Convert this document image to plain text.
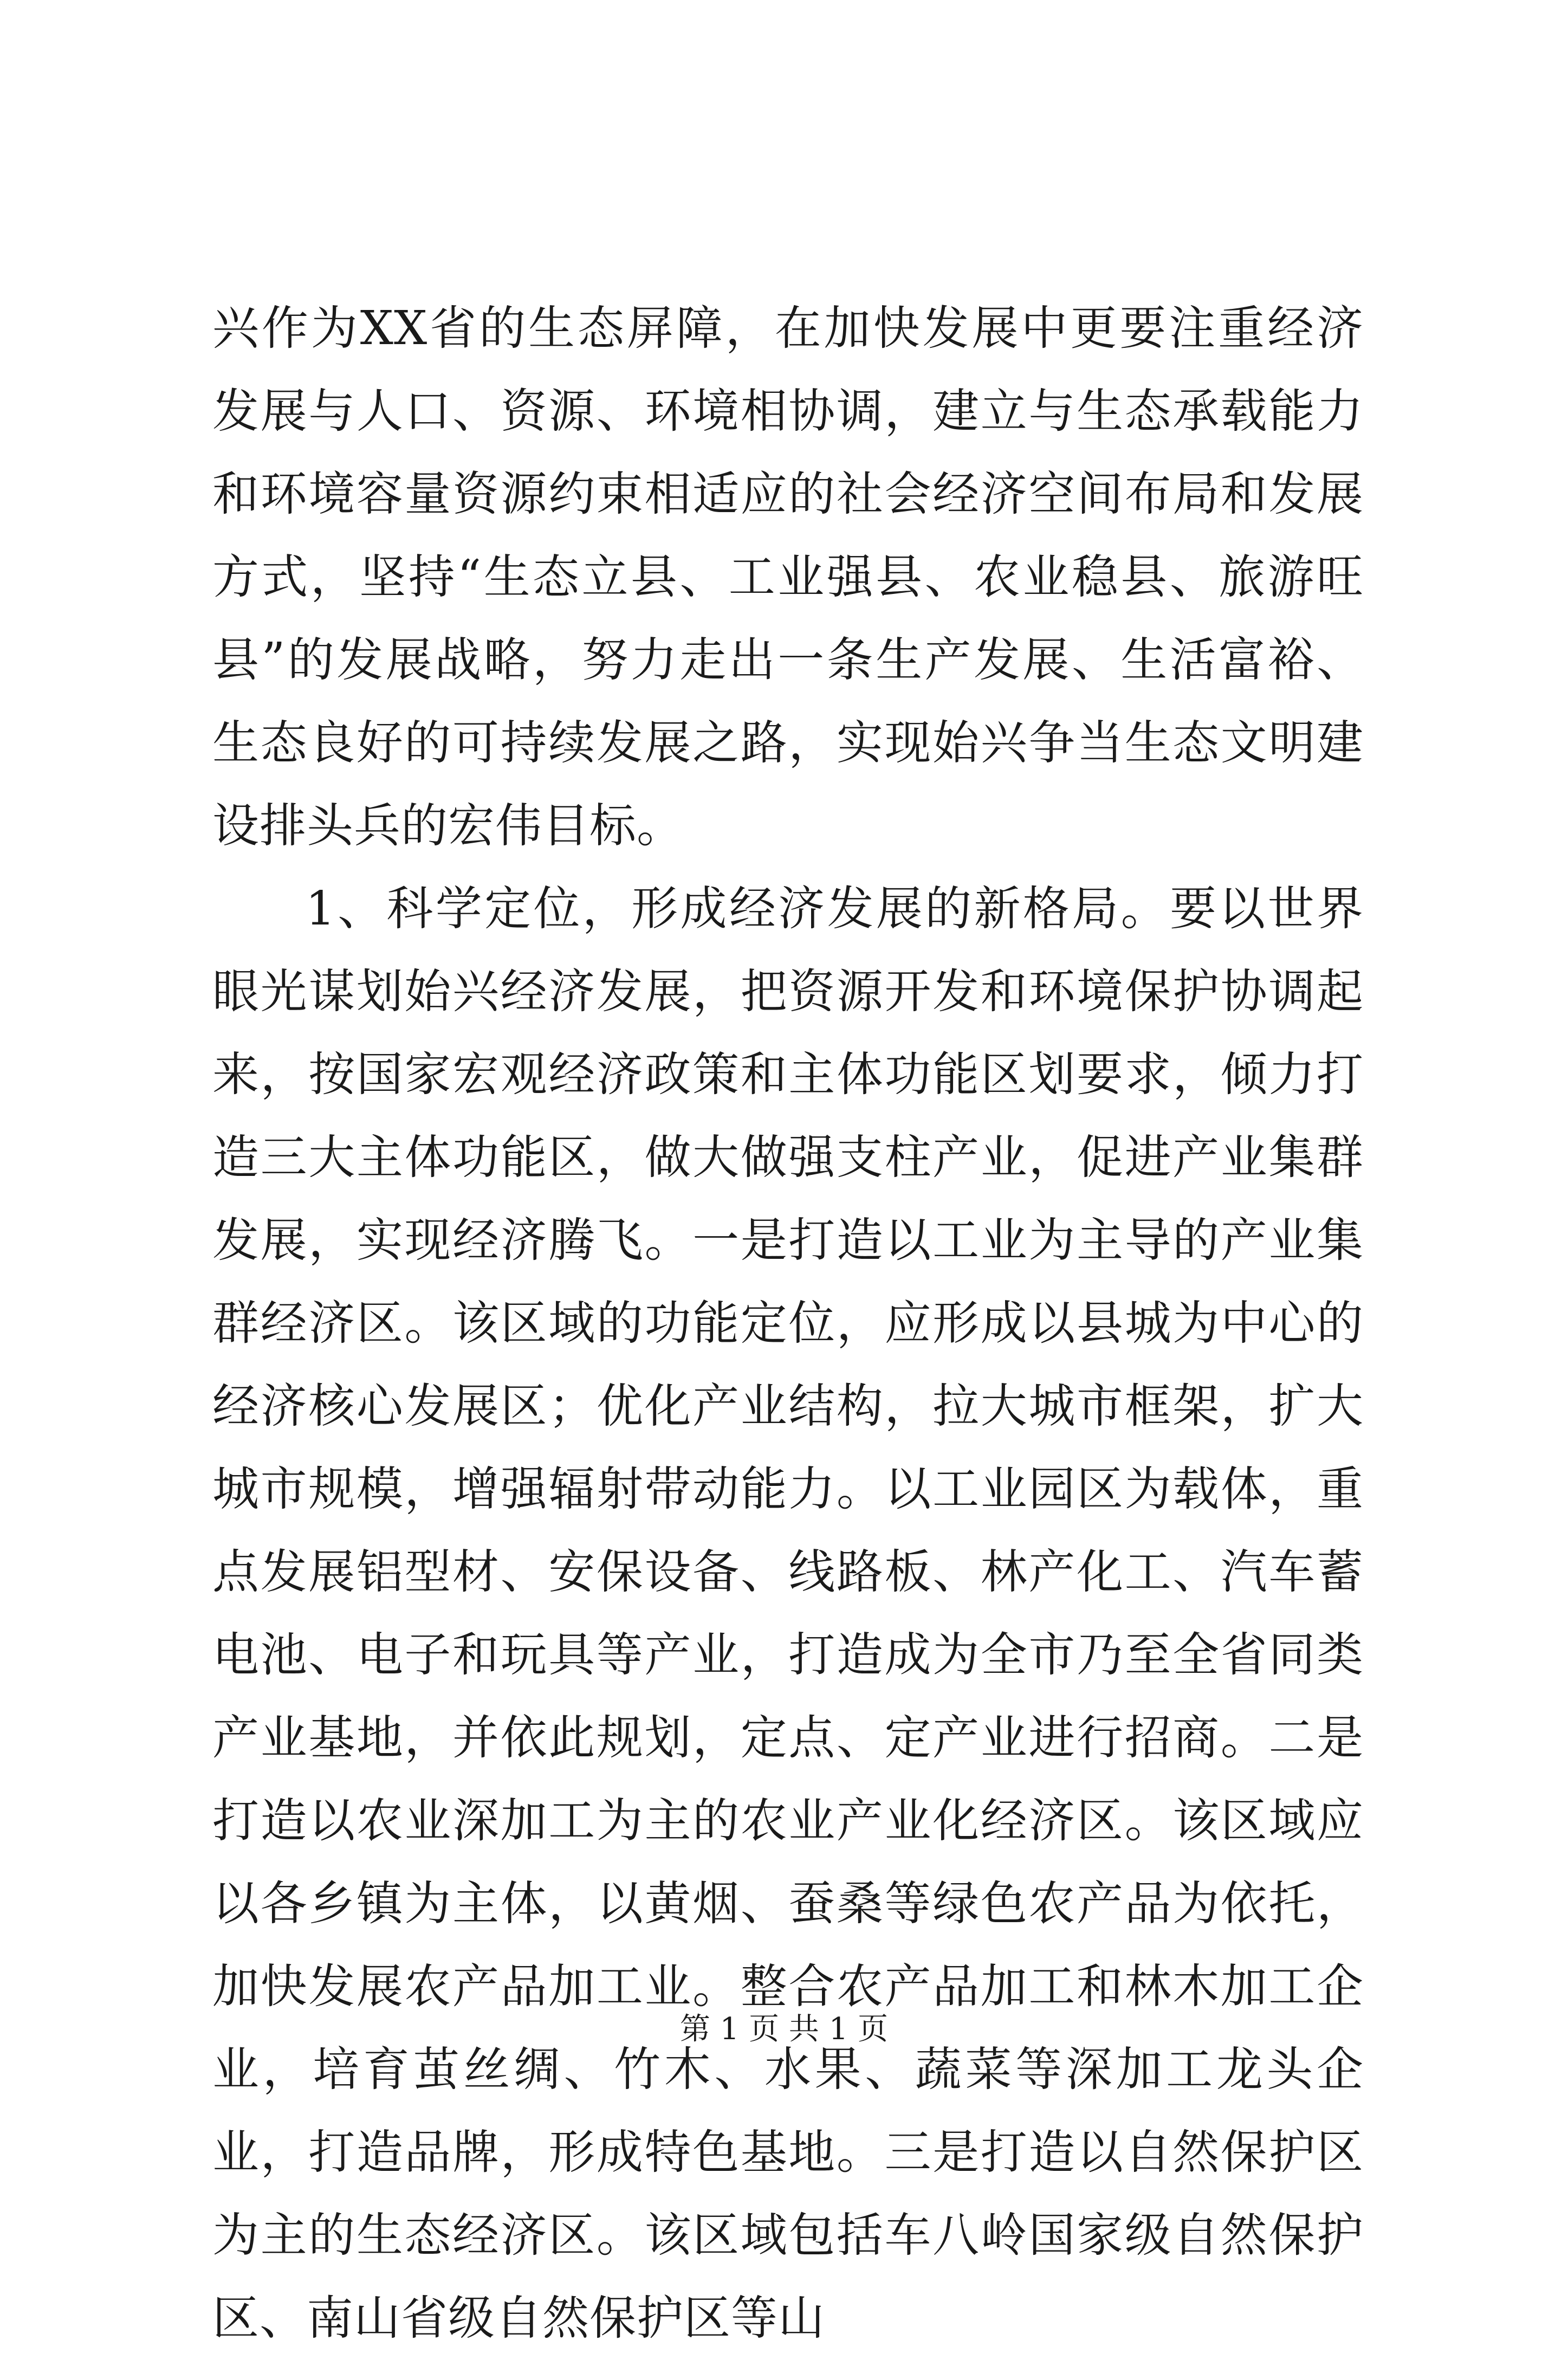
兴作为XX省的生态屏障，在加快发展中更要注重经济发展与人口、资源、环境相协调，建立与生态承载能力和环境容量资源约束相适应的社会经济空间布局和发展方式，坚持“生态立县、工业强县、农业稳县、旅游旺县”的发展战略，努力走出一条生产发展、生活富裕、生态良好的可持续发展之路，实现始兴争当生态文明建设排头兵的宏伟目标。

1、科学定位，形成经济发展的新格局。要以世界眼光谋划始兴经济发展，把资源开发和环境保护协调起来，按国家宏观经济政策和主体功能区划要求，倾力打造三大主体功能区，做大做强支柱产业，促进产业集群发展，实现经济腾飞。一是打造以工业为主导的产业集群经济区。该区域的功能定位，应形成以县城为中心的经济核心发展区；优化产业结构，拉大城市框架，扩大城市规模，增强辐射带动能力。以工业园区为载体，重点发展铝型材、安保设备、线路板、林产化工、汽车蓄电池、电子和玩具等产业，打造成为全市乃至全省同类产业基地，并依此规划，定点、定产业进行招商。二是打造以农业深加工为主的农业产业化经济区。该区域应以各乡镇为主体，以黄烟、蚕桑等绿色农产品为依托，加快发展农产品加工业。整合农产品加工和林木加工企业，培育茧丝绸、竹木、水果、蔬菜等深加工龙头企业，打造品牌，形成特色基地。三是打造以自然保护区为主的生态经济区。该区域包括车八岭国家级自然保护区、南山省级自然保护区等山

第 1 页 共 1 页
